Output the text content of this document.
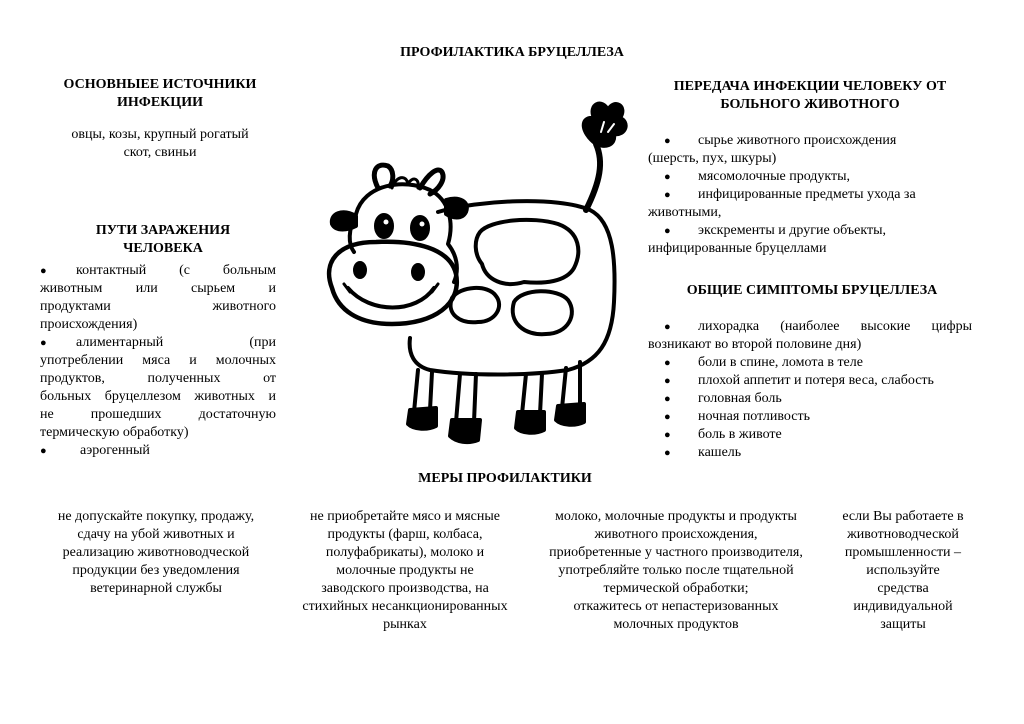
ПРОФИЛАКТИКА БРУЦЕЛЛЕЗА
ОСНОВНЫЕЕ ИСТОЧНИКИ
ИНФЕКЦИИ
овцы, козы, крупный рогатый
скот, свиньи
ПУТИ ЗАРАЖЕНИЯ
ЧЕЛОВЕКА
● контактный (с больным
животным или сырьем и
продуктами животного
происхождения)
● алиментарный (при
употреблении мяса и молочных
продуктов, полученных от
больных бруцеллезом животных и
не прошедших достаточную
термическую обработку)
● аэрогенный
ПЕРЕДАЧА ИНФЕКЦИИ ЧЕЛОВЕКУ ОТ
БОЛЬНОГО ЖИВОТНОГО
● сырье животного происхождения
(шерсть, пух, шкуры)
● мясомолочные продукты,
● инфицированные предметы ухода за
животными,
● экскременты и другие объекты,
инфицированные бруцеллами
ОБЩИЕ СИМПТОМЫ БРУЦЕЛЛЕЗА
● лихорадка (наиболее высокие цифры
возникают во второй половине дня)
● боли в спине, ломота в теле
● плохой аппетит и потеря веса, слабость
● головная боль
● ночная потливость
● боль в животе
● кашель
МЕРЫ ПРОФИЛАКТИКИ
не допускайте покупку, продажу,
сдачу на убой животных и
реализацию животноводческой
продукции без уведомления
ветеринарной службы
не приобретайте мясо и мясные
продукты (фарш, колбаса,
полуфабрикаты), молоко и
молочные продукты не
заводского производства, на
стихийных несанкционированных
рынках
молоко, молочные продукты и продукты
животного происхождения,
приобретенные у частного производителя,
употребляйте только после тщательной
термической обработки;
откажитесь от непастеризованных
молочных продуктов
если Вы работаете в
животноводческой
промышленности –
используйте
средства
индивидуальной
защиты
